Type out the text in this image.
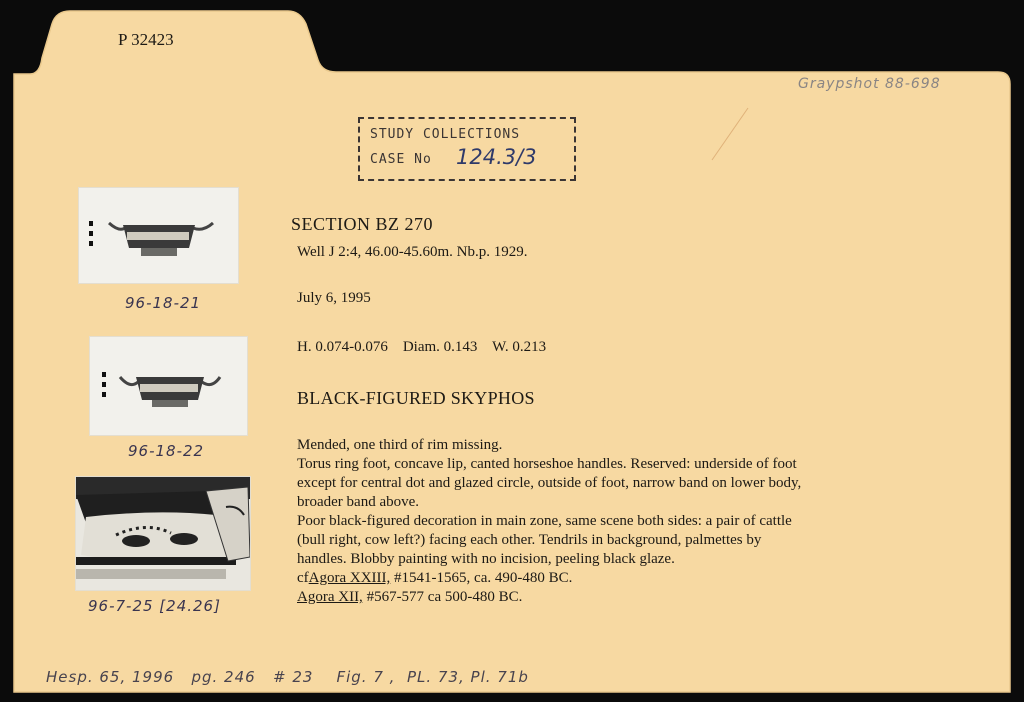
P 32423
Graypshot 88-698
STUDY COLLECTIONS
CASE No 124.3/3
96-18-21
96-18-22
96-7-25 [24.26]
SECTION BZ 270
Well J 2:4, 46.00-45.60m. Nb.p. 1929.
July 6, 1995
H. 0.074-0.076    Diam. 0.143    W. 0.213
BLACK-FIGURED SKYPHOS
Mended, one third of rim missing.
Torus ring foot, concave lip, canted horseshoe handles. Reserved: underside of foot
except for central dot and glazed circle, outside of foot, narrow band on lower body,
broader band above.
Poor black-figured decoration in main zone, same scene both sides: a pair of cattle
(bull right, cow left?) facing each other. Tendrils in background, palmettes by
handles. Blobby painting with no incision, peeling black glaze.
cfAgora XXIII, #1541-1565, ca. 490-480 BC.
Agora XII, #567-577 ca 500-480 BC.
Hesp. 65, 1996   pg. 246   # 23    Fig. 7 ,  PL. 73, Pl. 71b
